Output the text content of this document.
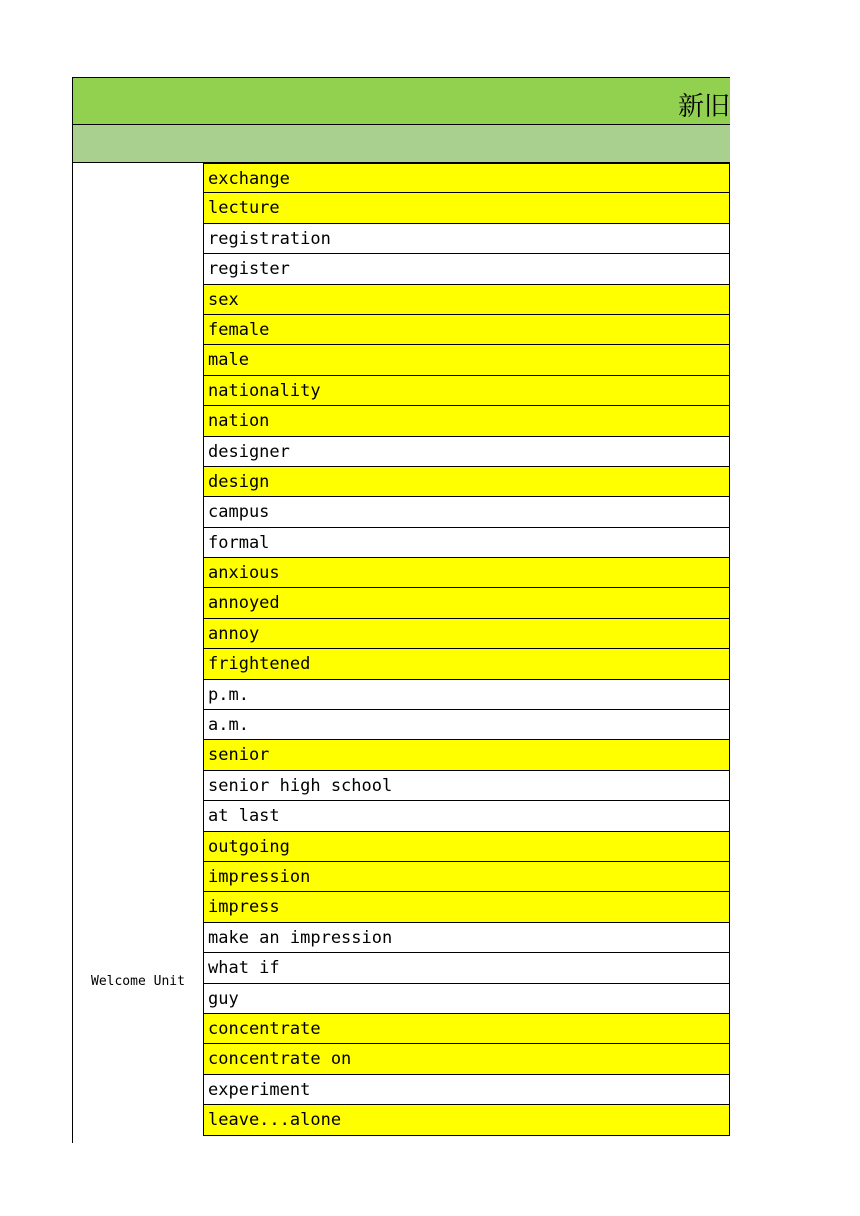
新旧
Welcome Unit
exchange
lecture
registration
register
sex
female
male
nationality
nation
designer
design
campus
formal
anxious
annoyed
annoy
frightened
p.m.
a.m.
senior
senior high school
at last
outgoing
impression
impress
make an impression
what if
guy
concentrate
concentrate on
experiment
leave...alone
